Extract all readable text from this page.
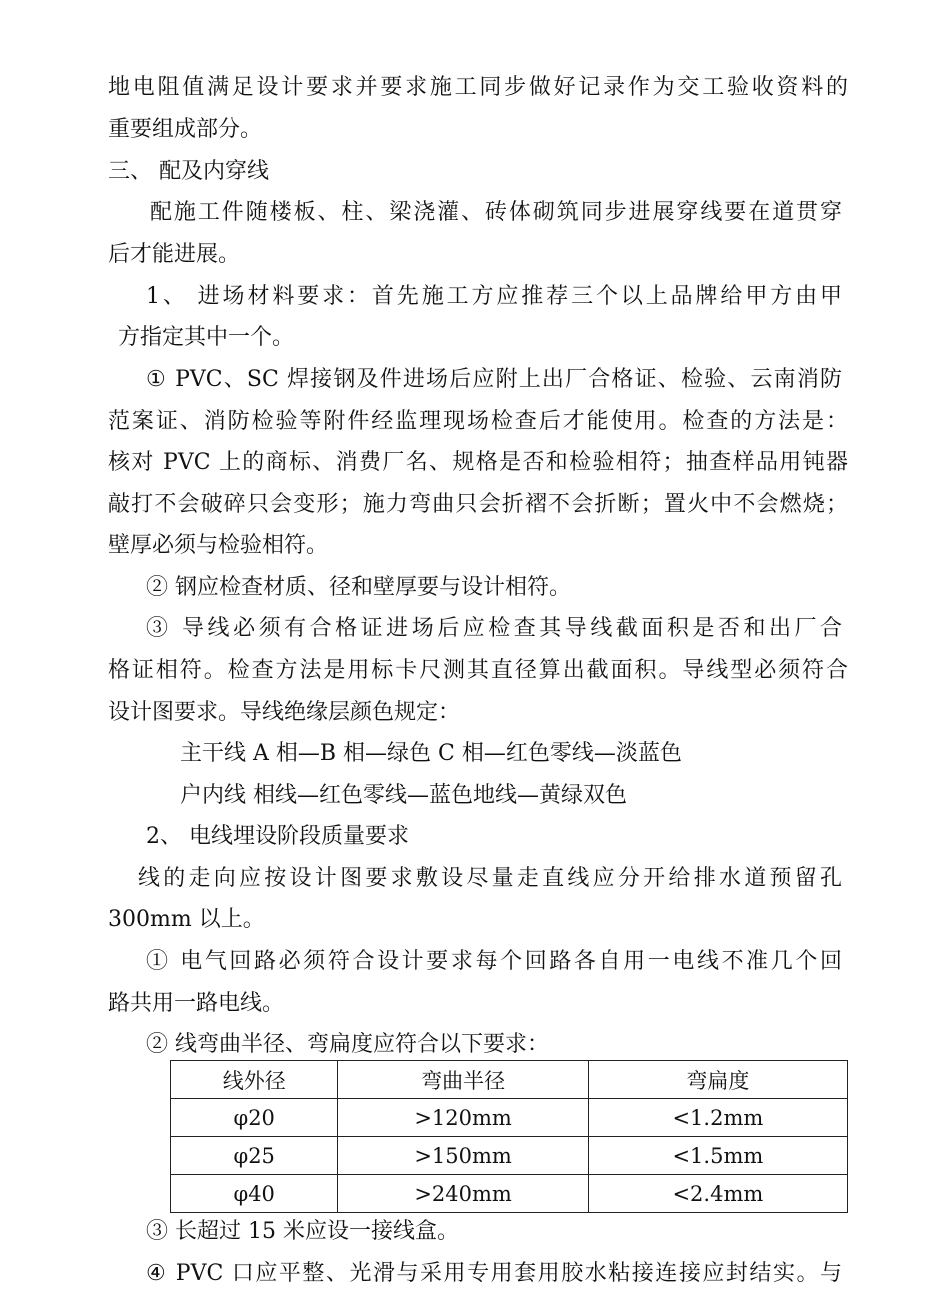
地电阻值满足设计要求并要求施工同步做好记录作为交工验收资料的
重要组成部分。
三、 配及内穿线
配施工件随楼板、柱、梁浇灌、砖体砌筑同步进展穿线要在道贯穿
后才能进展。
1、 进场材料要求：首先施工方应推荐三个以上品牌给甲方由甲
方指定其中一个。
① PVC、SC 焊接钢及件进场后应附上出厂合格证、检验、云南消防
范案证、消防检验等附件经监理现场检查后才能使用。检查的方法是：
核对 PVC 上的商标、消费厂名、规格是否和检验相符；抽查样品用钝器
敲打不会破碎只会变形；施力弯曲只会折褶不会折断；置火中不会燃烧；
壁厚必须与检验相符。
② 钢应检查材质、径和壁厚要与设计相符。
③ 导线必须有合格证进场后应检查其导线截面积是否和出厂合
格证相符。检查方法是用标卡尺测其直径算出截面积。导线型必须符合
设计图要求。导线绝缘层颜色规定：
主干线 A 相—B 相—绿色 C 相—红色零线—淡蓝色
户内线 相线—红色零线—蓝色地线—黄绿双色
2、 电线埋设阶段质量要求
线的走向应按设计图要求敷设尽量走直线应分开给排水道预留孔
300mm 以上。
① 电气回路必须符合设计要求每个回路各自用一电线不准几个回
路共用一路电线。
② 线弯曲半径、弯扁度应符合以下要求：
线外径	弯曲半径	弯扁度
φ20	>120mm	<1.2mm
φ25	>150mm	<1.5mm
φ40	>240mm	<2.4mm
③ 长超过 15 米应设一接线盒。
④ PVC 口应平整、光滑与采用专用套用胶水粘接连接应封结实。与
